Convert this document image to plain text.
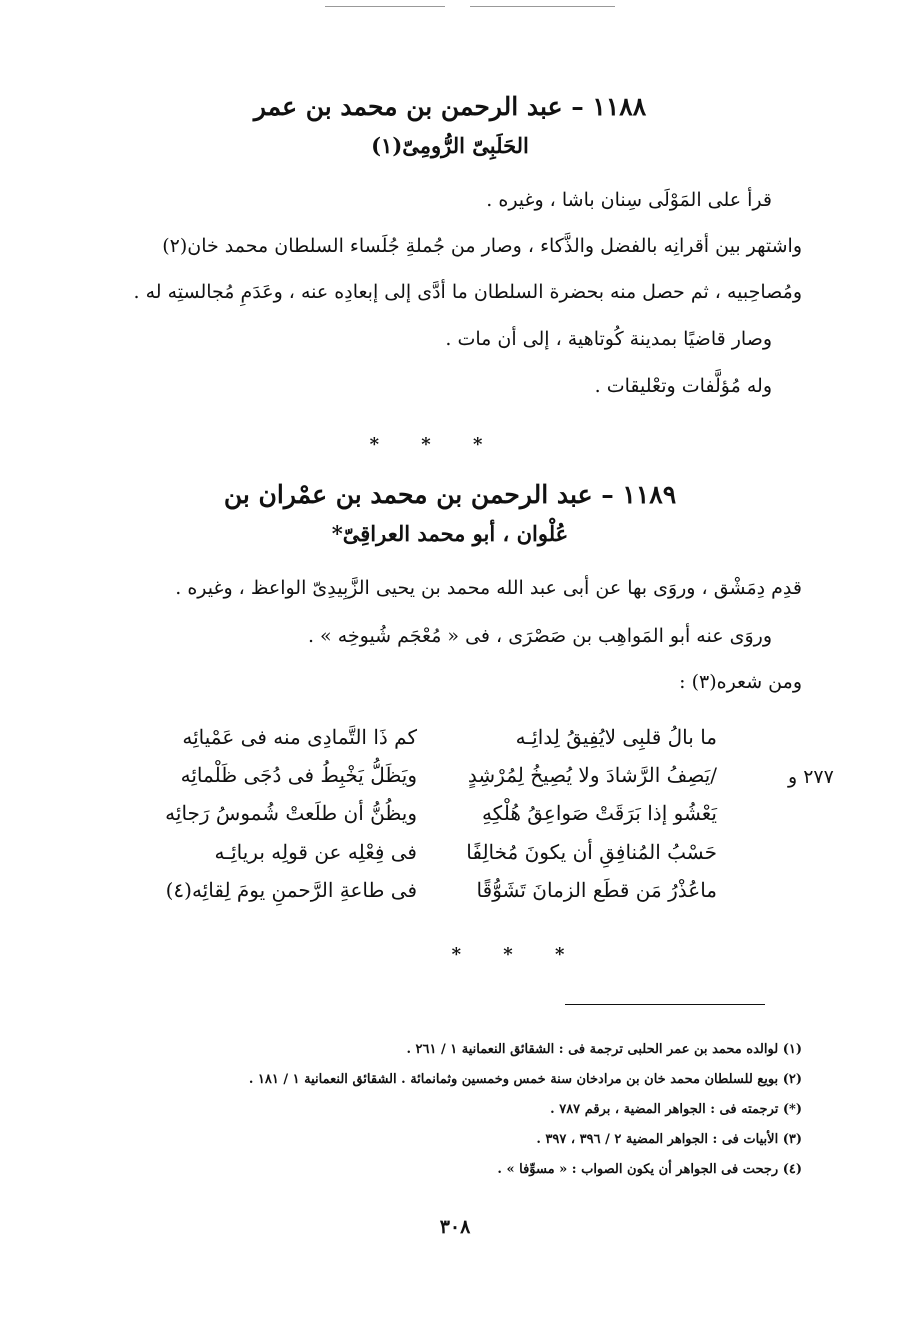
١١٨٨ – عبد الرحمن بن محمد بن عمر
الحَلَبِىّ الرُّومِىّ(١)
قرأ على المَوْلَى سِنان باشا ، وغيره .
واشتهر بين أقرانِه بالفضل والذَّكاء ، وصار من جُملةِ جُلَساء السلطان محمد خان(٢)
ومُصاحِبيه ، ثم حصل منه بحضرة السلطان ما أدَّى إلى إبعادِه عنه ، وعَدَمِ مُجالستِه له .
وصار قاضيًا بمدينة كُوتاهية ، إلى أن مات .
وله مُؤلَّفات وتعْليقات .
* * *
١١٨٩ – عبد الرحمن بن محمد بن عمْران بن
عُلْوان ، أبو محمد العراقِىّ*
قدِم دِمَشْق ، وروَى بها عن أبى عبد الله محمد بن يحيى الزَّبِيدِىّ الواعظ ، وغيره .
وروَى عنه أبو المَواهِب بن صَصْرَى ، فى « مُعْجَم شُيوخِه » .
ومن شعره(٣) :
ما بالُ قلبِى لايُفِيقُ لِدائِـه
كم ذَا التَّمادِى منه فى عَمْيائِه
/يَصِفُ الرَّشادَ ولا يُصِيخُ لِمُرْشِدٍ
ويَظَلُّ يَخْبِطُ فى دُجَى ظَلْمائِه	٢٧٧ و
يَعْشُو إذا بَرَقَتْ صَواعِقُ هُلْكِهِ
ويظُنُّ أن طلَعتْ شُموسُ رَجائِه
حَسْبُ المُنافِقِ أن يكونَ مُخالِفًا
فى فِعْلِه عن قولِه بريائِـه
ماعُذْرُ مَن قطَع الزمانَ تَشَوُّقًا
فى طاعةِ الرَّحمنِ يومَ لِقائِه(٤)
* * *
(١) لوالده محمد بن عمر الحلبى ترجمة فى : الشقائق النعمانية ١ / ٢٦١ .
(٢) بويع للسلطان محمد خان بن مرادخان سنة خمس وخمسين وثمانمائة . الشقائق النعمانية ١ / ١٨١ .
(*) ترجمته فى : الجواهر المضية ، برقم ٧٨٧ .
(٣) الأبيات فى : الجواهر المضية ٢ / ٣٩٦ ، ٣٩٧ .
(٤) رجحت فى الجواهر أن يكون الصواب : « مسوِّفا » .
٣٠٨
